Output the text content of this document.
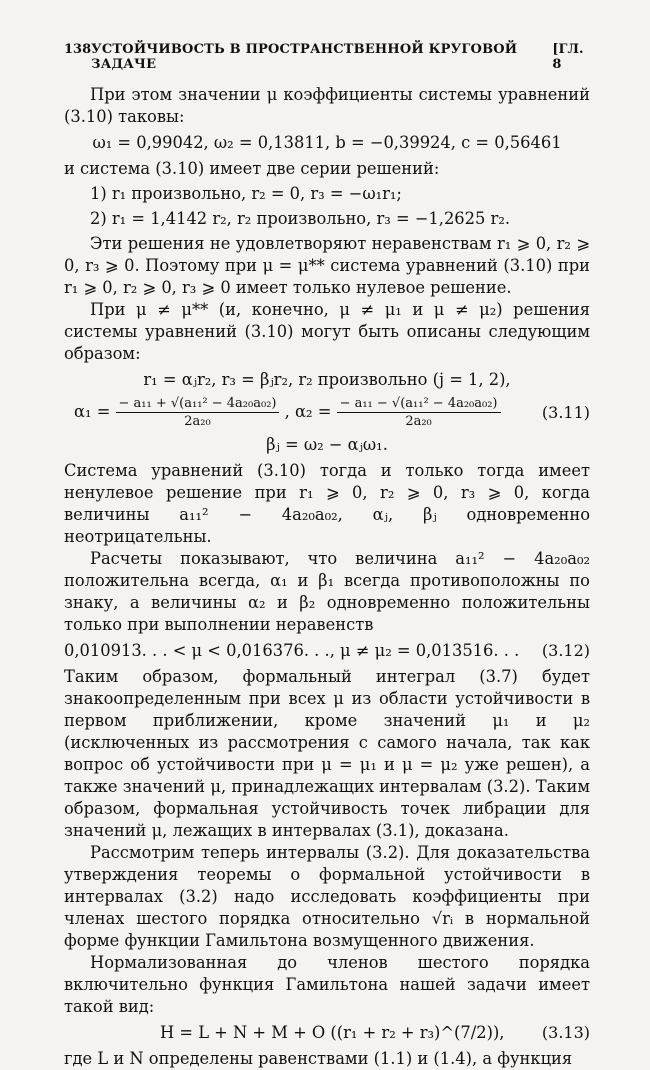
138 УСТОЙЧИВОСТЬ В ПРОСТРАНСТВЕННОЙ КРУГОВОЙ ЗАДАЧЕ
[ГЛ. 8

При этом значении μ коэффициенты системы уравнений (3.10) таковы:

ω₁ = 0,99042, ω₂ = 0,13811, b = −0,39924, c = 0,56461

и система (3.10) имеет две серии решений:

1) r₁ произвольно, r₂ = 0, r₃ = −ω₁r₁;
2) r₁ = 1,4142 r₂, r₂ произвольно, r₃ = −1,2625 r₂.

Эти решения не удовлетворяют неравенствам r₁ ⩾ 0, r₂ ⩾ 0, r₃ ⩾ 0. Поэтому при μ = μ** система уравнений (3.10) при r₁ ⩾ 0, r₂ ⩾ 0, r₃ ⩾ 0 имеет только нулевое решение.

При μ ≠ μ** (и, конечно, μ ≠ μ₁ и μ ≠ μ₂) решения системы уравнений (3.10) могут быть описаны следующим образом:

r₁ = αⱼr₂, r₃ = βⱼr₂, r₂ произвольно (j = 1, 2),
$\alpha_1 = \frac{\text{− a₁₁ + √(a₁₁² − 4a₂₀a₀₂)}}{\text{2a₂₀}}$ , $\alpha_2 = \frac{\text{− a₁₁ − √(a₁₁² − 4a₂₀a₀₂)}}{\text{2a₂₀}}$	(3.11)
βⱼ = ω₂ − αⱼω₁.

Система уравнений (3.10) тогда и только тогда имеет ненулевое решение при r₁ ⩾ 0, r₂ ⩾ 0, r₃ ⩾ 0, когда величины a₁₁² − 4a₂₀a₀₂, αⱼ, βⱼ одновременно неотрицательны.

Расчеты показывают, что величина a₁₁² − 4a₂₀a₀₂ положительна всегда, α₁ и β₁ всегда противоположны по знаку, а величины α₂ и β₂ одновременно положительны только при выполнении неравенств

0,010913. . . < μ < 0,016376. . ., μ ≠ μ₂ = 0,013516. . . (3.12)

Таким образом, формальный интеграл (3.7) будет знакоопределенным при всех μ из области устойчивости в первом приближении, кроме значений μ₁ и μ₂ (исключенных из рассмотрения с самого начала, так как вопрос об устойчивости при μ = μ₁ и μ = μ₂ уже решен), а также значений μ, принадлежащих интервалам (3.2). Таким образом, формальная устойчивость точек либрации для значений μ, лежащих в интервалах (3.1), доказана.

Рассмотрим теперь интервалы (3.2). Для доказательства утверждения теоремы о формальной устойчивости в интервалах (3.2) надо исследовать коэффициенты при членах шестого порядка относительно √rᵢ в нормальной форме функции Гамильтона возмущенного движения.

Нормализованная до членов шестого порядка включительно функция Гамильтона нашей задачи имеет такой вид:

H = L + N + M + O ((r₁ + r₂ + r₃)^(7/2)), (3.13)

где L и N определены равенствами (1.1) и (1.4), а функция
